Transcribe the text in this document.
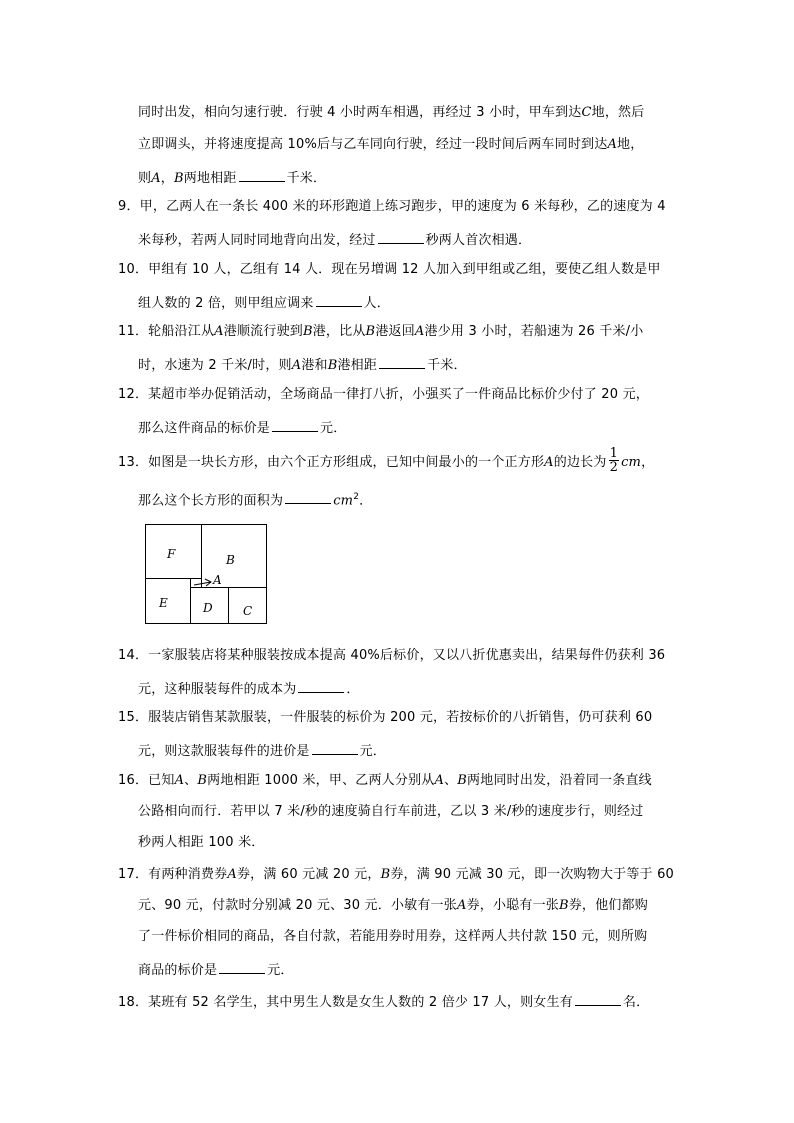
同时出发，相向匀速行驶．行驶 4 小时两车相遇，再经过 3 小时，甲车到达C地，然后
立即调头，并将速度提高 10%后与乙车同向行驶，经过一段时间后两车同时到达A地，
则A，B两地相距	千米．
9．甲，乙两人在一条长 400 米的环形跑道上练习跑步，甲的速度为 6 米每秒，乙的速度为 4
米每秒，若两人同时同地背向出发，经过	秒两人首次相遇．
10．甲组有 10 人，乙组有 14 人．现在另増调 12 人加入到甲组或乙组，要使乙组人数是甲
组人数的 2 倍，则甲组应调来	人．
11．轮船沿江从A港顺流行驶到B港，比从B港返回A港少用 3 小时，若船速为 26 千米/小
时，水速为 2 千米/时，则A港和B港相距	千米．
12．某超市举办促销活动，全场商品一律打八折，小强买了一件商品比标价少付了 20 元，
那么这件商品的标价是	元．
13．如图是一块长方形，由六个正方形组成，已知中间最小的一个正方形A的边长为 $\frac{1}{2}$ cm，
那么这个长方形的面积为	$cm^2$．
F	B
A
E	D	C
14．一家服装店将某种服装按成本提高 40%后标价，又以八折优惠卖出，结果每件仍获利 36
元，这种服装每件的成本为	．
15．服装店销售某款服装，一件服装的标价为 200 元，若按标价的八折销售，仍可获利 60
元，则这款服装每件的进价是	元．
16．已知A、B两地相距 1000 米，甲、乙两人分别从A、B两地同时出发，沿着同一条直线
公路相向而行．若甲以 7 米/秒的速度骑自行车前进，乙以 3 米/秒的速度步行，则经过
秒两人相距 100 米．
17．有两种消费券A券，满 60 元减 20 元，B券，满 90 元减 30 元，即一次购物大于等于 60
元、90 元，付款时分别减 20 元、30 元．小敏有一张A券，小聪有一张B券，他们都购
了一件标价相同的商品，各自付款，若能用券时用券，这样两人共付款 150 元，则所购
商品的标价是	元．
18．某班有 52 名学生，其中男生人数是女生人数的 2 倍少 17 人，则女生有	名．
